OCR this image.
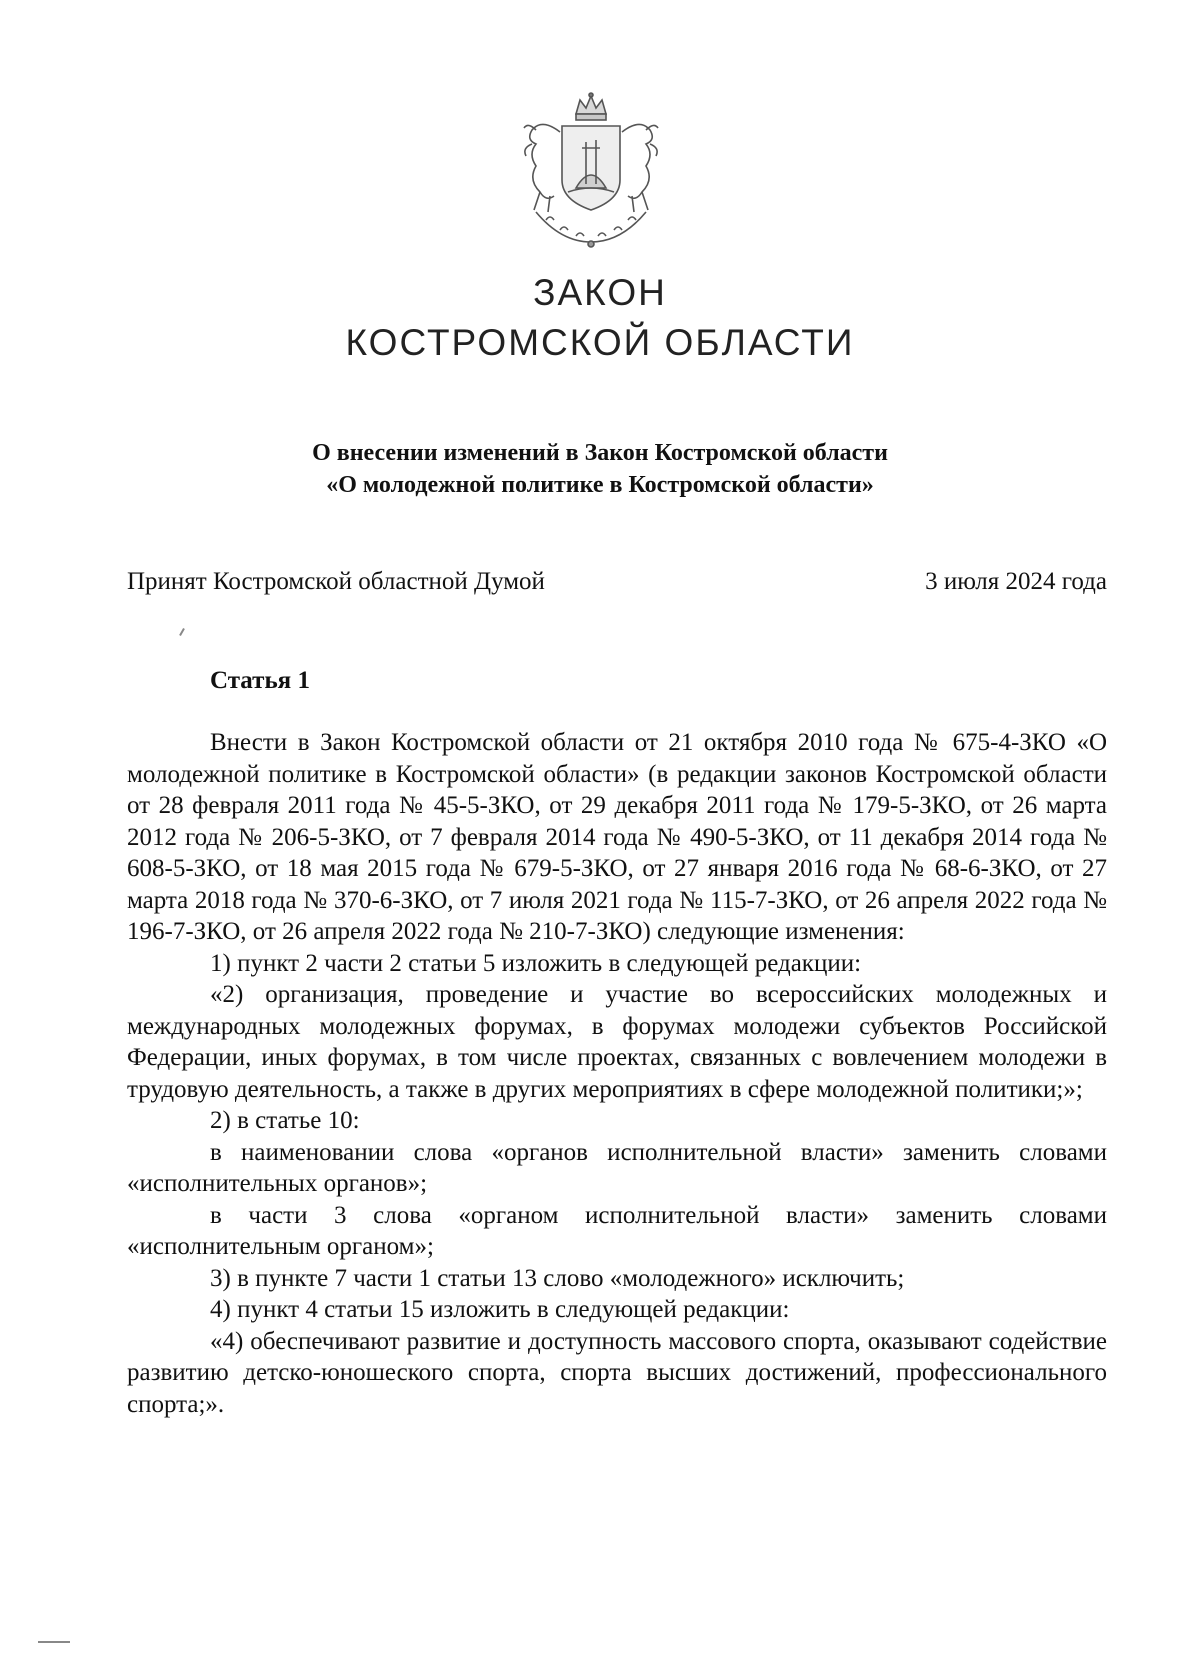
ЗАКОН
КОСТРОМСКОЙ ОБЛАСТИ
О внесении изменений в Закон Костромской области
«О молодежной политике в Костромской области»
Принят Костромской областной Думой	3 июля 2024 года
Статья 1

Внести в Закон Костромской области от 21 октября 2010 года № 675-4-ЗКО «О молодежной политике в Костромской области» (в редакции законов Костромской области от 28 февраля 2011 года № 45-5-ЗКО, от 29 декабря 2011 года № 179-5-ЗКО, от 26 марта 2012 года № 206-5-ЗКО, от 7 февраля 2014 года № 490-5-ЗКО, от 11 декабря 2014 года № 608-5-ЗКО, от 18 мая 2015 года № 679-5-ЗКО, от 27 января 2016 года № 68-6-ЗКО, от 27 марта 2018 года № 370-6-ЗКО, от 7 июля 2021 года № 115-7-ЗКО, от 26 апреля 2022 года № 196-7-ЗКО, от 26 апреля 2022 года № 210-7-ЗКО) следующие изменения:

1) пункт 2 части 2 статьи 5 изложить в следующей редакции:

«2) организация, проведение и участие во всероссийских молодежных и международных молодежных форумах, в форумах молодежи субъектов Российской Федерации, иных форумах, в том числе проектах, связанных с вовлечением молодежи в трудовую деятельность, а также в других мероприятиях в сфере молодежной политики;»;

2) в статье 10:

в наименовании слова «органов исполнительной власти» заменить словами «исполнительных органов»;

в части 3 слова «органом исполнительной власти» заменить словами «исполнительным органом»;

3) в пункте 7 части 1 статьи 13 слово «молодежного» исключить;

4) пункт 4 статьи 15 изложить в следующей редакции:

«4) обеспечивают развитие и доступность массового спорта, оказывают содействие развитию детско-юношеского спорта, спорта высших достижений, профессионального спорта;».
